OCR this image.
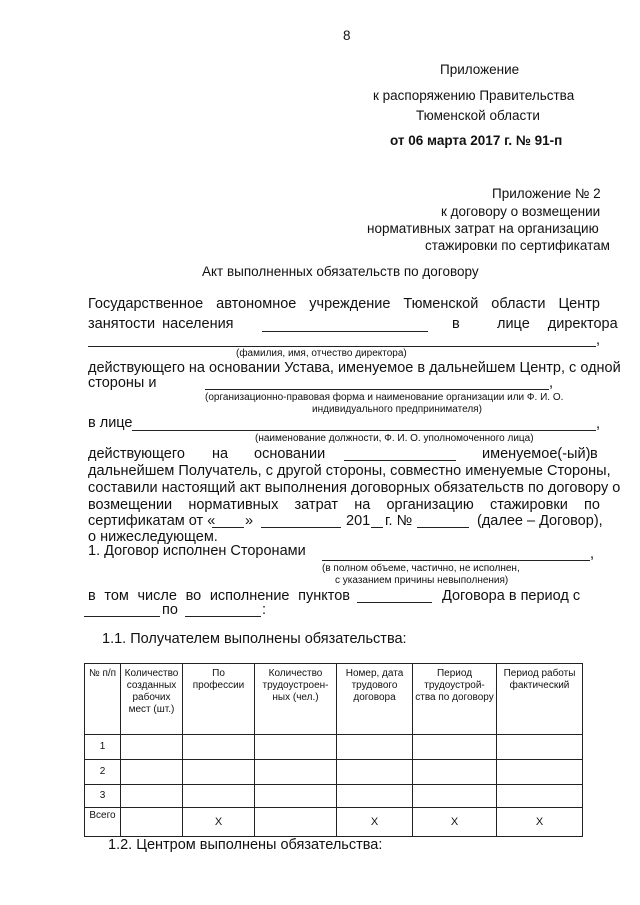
8
Приложение
к распоряжению Правительства
Тюменской области
от 06 марта 2017 г. № 91-п
Приложение № 2
к договору о возмещении
нормативных затрат на организацию
стажировки по сертификатам
Акт выполненных обязательств по договору
Государственное автономное учреждение Тюменской области Центр
занятости населения	в	лице директора
,
(фамилия, имя, отчество директора)
действующего на основании Устава, именуемое в дальнейшем Центр, с одной
стороны и	,
(организационно-правовая форма и наименование организации или Ф. И. О.
индивидуального предпринимателя)
в лице	,
(наименование должности, Ф. И. О. уполномоченного лица)
действующего на основании	именуемое(-ый) в
дальнейшем Получатель, с другой стороны, совместно именуемые Стороны,
составили настоящий акт выполнения договорных обязательств по договору о
возмещении нормативных затрат на организацию стажировки по
сертификатам от « »	201 г. №	(далее – Договор),
о нижеследующем.
1. Договор исполнен Сторонами	,
(в полном объеме, частично, не исполнен,
с указанием причины невыполнения)
в том числе во исполнение пунктов	Договора в период с
по	:
1.1. Получателем выполнены обязательства:
№ п/п	Количество созданных рабочих мест (шт.)	По профессии	Количество трудоустроен-ных (чел.)	Номер, дата трудового договора	Период трудоустрой-ства по договору	Период работы фактический
1						
2						
3						
Всего		Х		Х	Х	Х
1.2. Центром выполнены обязательства:
